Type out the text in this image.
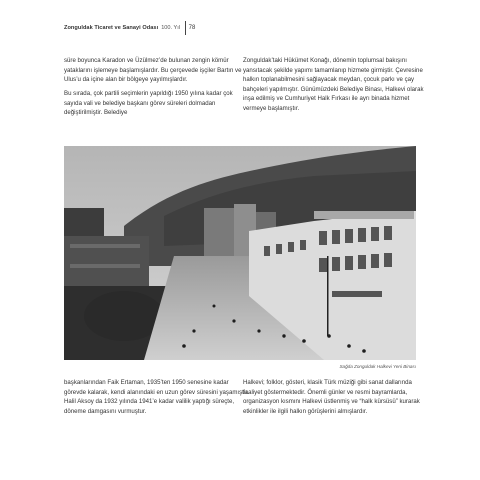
Zonguldak Ticaret ve Sanayi Odası 100. Yıl 78

süre boyunca Karadon ve Üzülmez’de bulunan zengin kömür yataklarını işlemeye başlamışlardır. Bu çerçevede işçiler Bartın ve Ulus’u da içine alan bir bölgeye yayılmışlardır.

Bu sırada, çok partili seçimlerin yapıldığı 1950 yılına kadar çok sayıda vali ve belediye başkanı görev süreleri dolmadan değiştirilmiştir. Belediye

Zonguldak’taki Hükümet Konağı, dönemin toplumsal bakışını yansıtacak şekilde yapımı tamamlanıp hizmete girmiştir. Çevresine halkın toplanabilmesini sağlayacak meydan, çocuk parkı ve çay bahçeleri yapılmıştır. Günümüzdeki Belediye Binası, Halkevi olarak inşa edilmiş ve Cumhuriyet Halk Fırkası ile ayrı binada hizmet vermeye başlamıştır.

Sağda Zonguldak Halkevi Yeni Binası

başkanlarından Faik Ertaman, 1935’ten 1950 senesine kadar görevde kalarak, kendi alanındaki en uzun görev süresini yaşamıştır. Halil Aksoy da 1932 yılında 1941’e kadar valilik yaptığı süreçte, döneme damgasını vurmuştur.

Halkevi; folklor, gösteri, klasik Türk müziği gibi sanat dallarında faaliyet göstermektedir. Önemli günler ve resmi bayramlarda, organizasyon kısmını Halkevi üstlenmiş ve “halk kürsüsü” kurarak etkinlikler ile ilgili halkın görüşlerini almışlardır.
